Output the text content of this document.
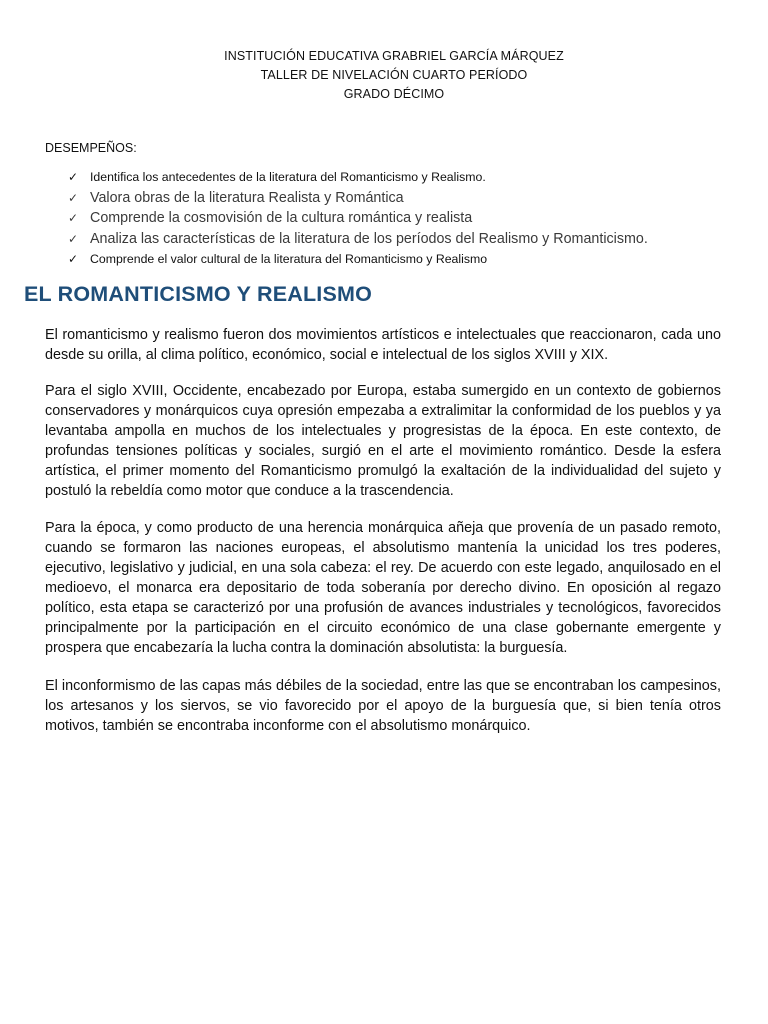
INSTITUCIÓN EDUCATIVA GRABRIEL GARCÍA MÁRQUEZ
TALLER DE NIVELACIÓN CUARTO PERÍODO
GRADO DÉCIMO
DESEMPEÑOS:
✓ Identifica los antecedentes de la literatura del Romanticismo y Realismo.
✓ Valora obras de la literatura Realista y Romántica
✓ Comprende la cosmovisión de la cultura romántica y realista
✓ Analiza las características de la literatura de los períodos del Realismo y Romanticismo.
✓ Comprende el valor cultural de la literatura del Romanticismo y Realismo
EL ROMANTICISMO Y REALISMO

El romanticismo y realismo fueron dos movimientos artísticos e intelectuales que reaccionaron, cada uno desde su orilla, al clima político, económico, social e intelectual de los siglos XVIII y XIX.

Para el siglo XVIII, Occidente, encabezado por Europa, estaba sumergido en un contexto de gobiernos conservadores y monárquicos cuya opresión empezaba a extralimitar la conformidad de los pueblos y ya levantaba ampolla en muchos de los intelectuales y progresistas de la época. En este contexto, de profundas tensiones políticas y sociales, surgió en el arte el movimiento romántico. Desde la esfera artística, el primer momento del Romanticismo promulgó la exaltación de la individualidad del sujeto y postuló la rebeldía como motor que conduce a la trascendencia.

Para la época, y como producto de una herencia monárquica añeja que provenía de un pasado remoto, cuando se formaron las naciones europeas, el absolutismo mantenía la unicidad los tres poderes, ejecutivo, legislativo y judicial, en una sola cabeza: el rey. De acuerdo con este legado, anquilosado en el medioevo, el monarca era depositario de toda soberanía por derecho divino. En oposición al regazo político, esta etapa se caracterizó por una profusión de avances industriales y tecnológicos, favorecidos principalmente por la participación en el circuito económico de una clase gobernante emergente y prospera que encabezaría la lucha contra la dominación absolutista: la burguesía.

El inconformismo de las capas más débiles de la sociedad, entre las que se encontraban los campesinos, los artesanos y los siervos, se vio favorecido por el apoyo de la burguesía que, si bien tenía otros motivos, también se encontraba inconforme con el absolutismo monárquico.
